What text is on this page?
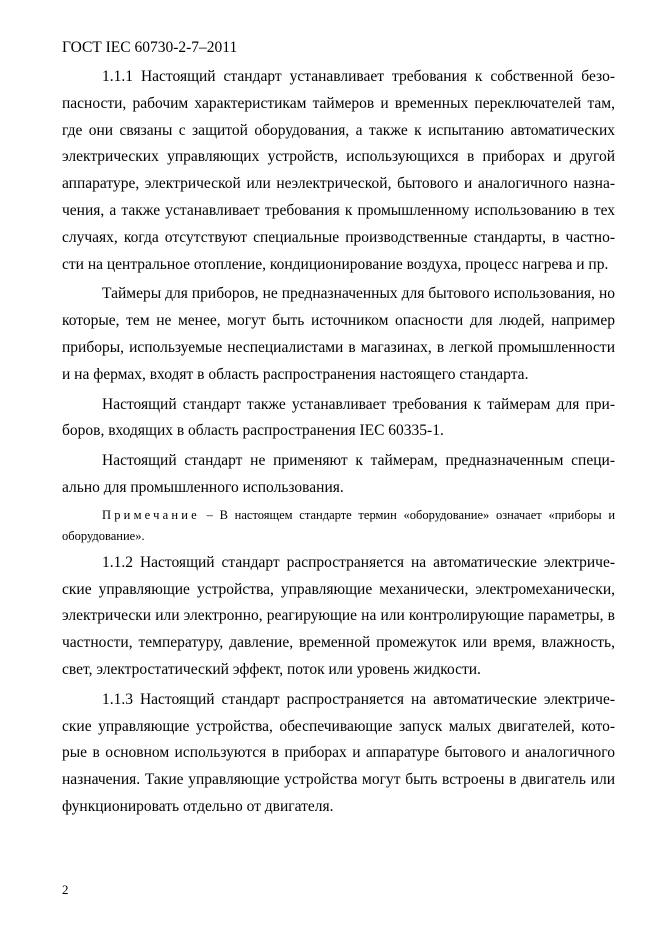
ГОСТ IEC 60730-2-7–2011

1.1.1 Настоящий стандарт устанавливает требования к собственной безопасности, рабочим характеристикам таймеров и временных переключателей там, где они связаны с защитой оборудования, а также к испытанию автоматических электрических управляющих устройств, использующихся в приборах и другой аппаратуре, электрической или неэлектрической, бытового и аналогичного назначения, а также устанавливает требования к промышленному использованию в тех случаях, когда отсутствуют специальные производственные стандарты, в частности на центральное отопление, кондиционирование воздуха, процесс нагрева и пр.

Таймеры для приборов, не предназначенных для бытового использования, но которые, тем не менее, могут быть источником опасности для людей, например приборы, используемые неспециалистами в магазинах, в легкой промышленности и на фермах, входят в область распространения настоящего стандарта.

Настоящий стандарт также устанавливает требования к таймерам для приборов, входящих в область распространения IEC 60335-1.

Настоящий стандарт не применяют к таймерам, предназначенным специально для промышленного использования.

Примечание – В настоящем стандарте термин «оборудование» означает «приборы и оборудование».

1.1.2 Настоящий стандарт распространяется на автоматические электрические управляющие устройства, управляющие механически, электромеханически, электрически или электронно, реагирующие на или контролирующие параметры, в частности, температуру, давление, временной промежуток или время, влажность, свет, электростатический эффект, поток или уровень жидкости.

1.1.3 Настоящий стандарт распространяется на автоматические электрические управляющие устройства, обеспечивающие запуск малых двигателей, которые в основном используются в приборах и аппаратуре бытового и аналогичного назначения. Такие управляющие устройства могут быть встроены в двигатель или функционировать отдельно от двигателя.

2
